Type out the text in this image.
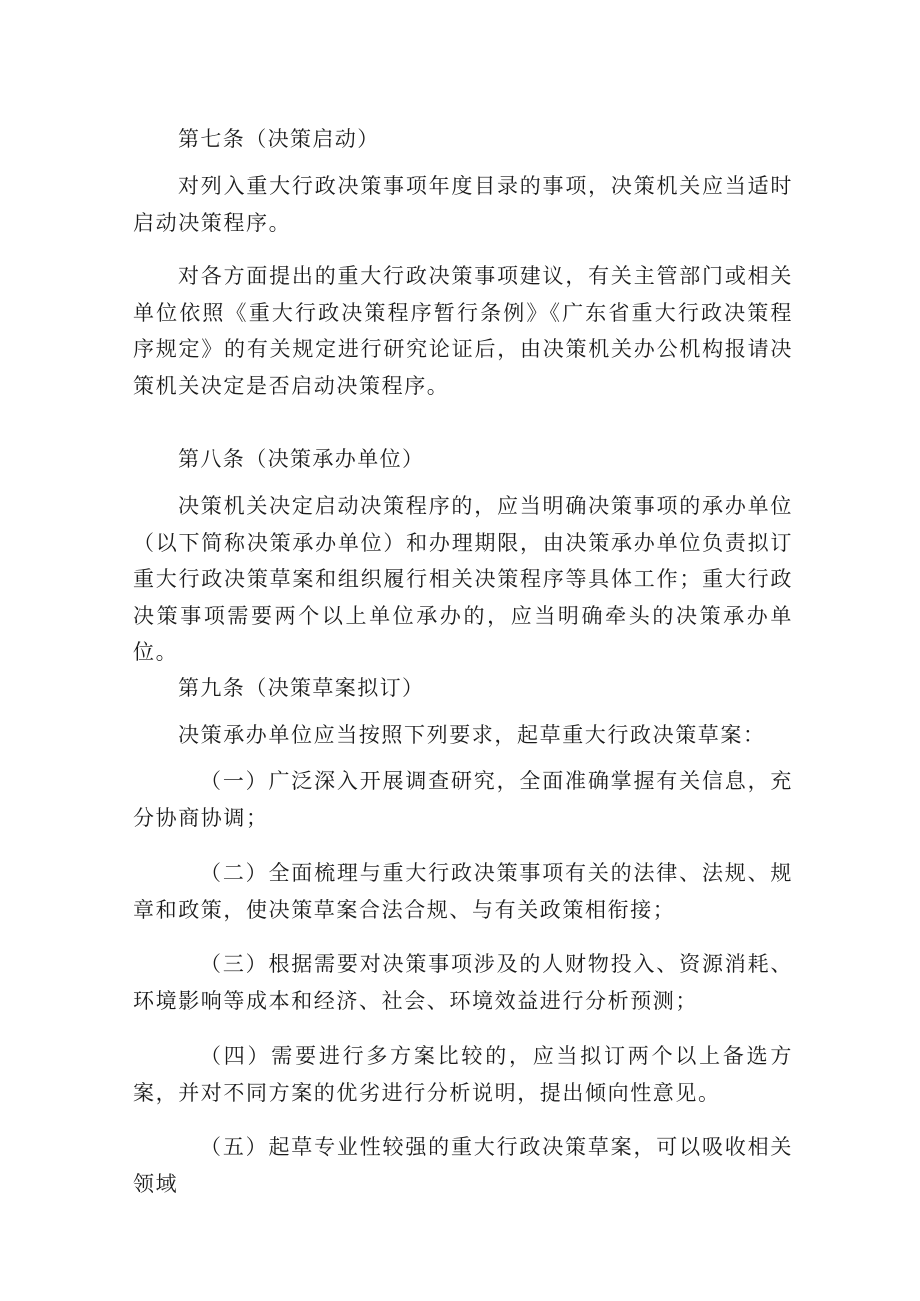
第七条（决策启动）

对列入重大行政决策事项年度目录的事项，决策机关应当适时启动决策程序。

对各方面提出的重大行政决策事项建议，有关主管部门或相关单位依照《重大行政决策程序暂行条例》《广东省重大行政决策程序规定》的有关规定进行研究论证后，由决策机关办公机构报请决策机关决定是否启动决策程序。

第八条（决策承办单位）

决策机关决定启动决策程序的，应当明确决策事项的承办单位（以下简称决策承办单位）和办理期限，由决策承办单位负责拟订重大行政决策草案和组织履行相关决策程序等具体工作；重大行政决策事项需要两个以上单位承办的，应当明确牵头的决策承办单位。

第九条（决策草案拟订）

决策承办单位应当按照下列要求，起草重大行政决策草案：

（一）广泛深入开展调查研究，全面准确掌握有关信息，充分协商协调；

（二）全面梳理与重大行政决策事项有关的法律、法规、规章和政策，使决策草案合法合规、与有关政策相衔接；

（三）根据需要对决策事项涉及的人财物投入、资源消耗、环境影响等成本和经济、社会、环境效益进行分析预测；

（四）需要进行多方案比较的，应当拟订两个以上备选方案，并对不同方案的优劣进行分析说明，提出倾向性意见。

（五）起草专业性较强的重大行政决策草案，可以吸收相关领域
